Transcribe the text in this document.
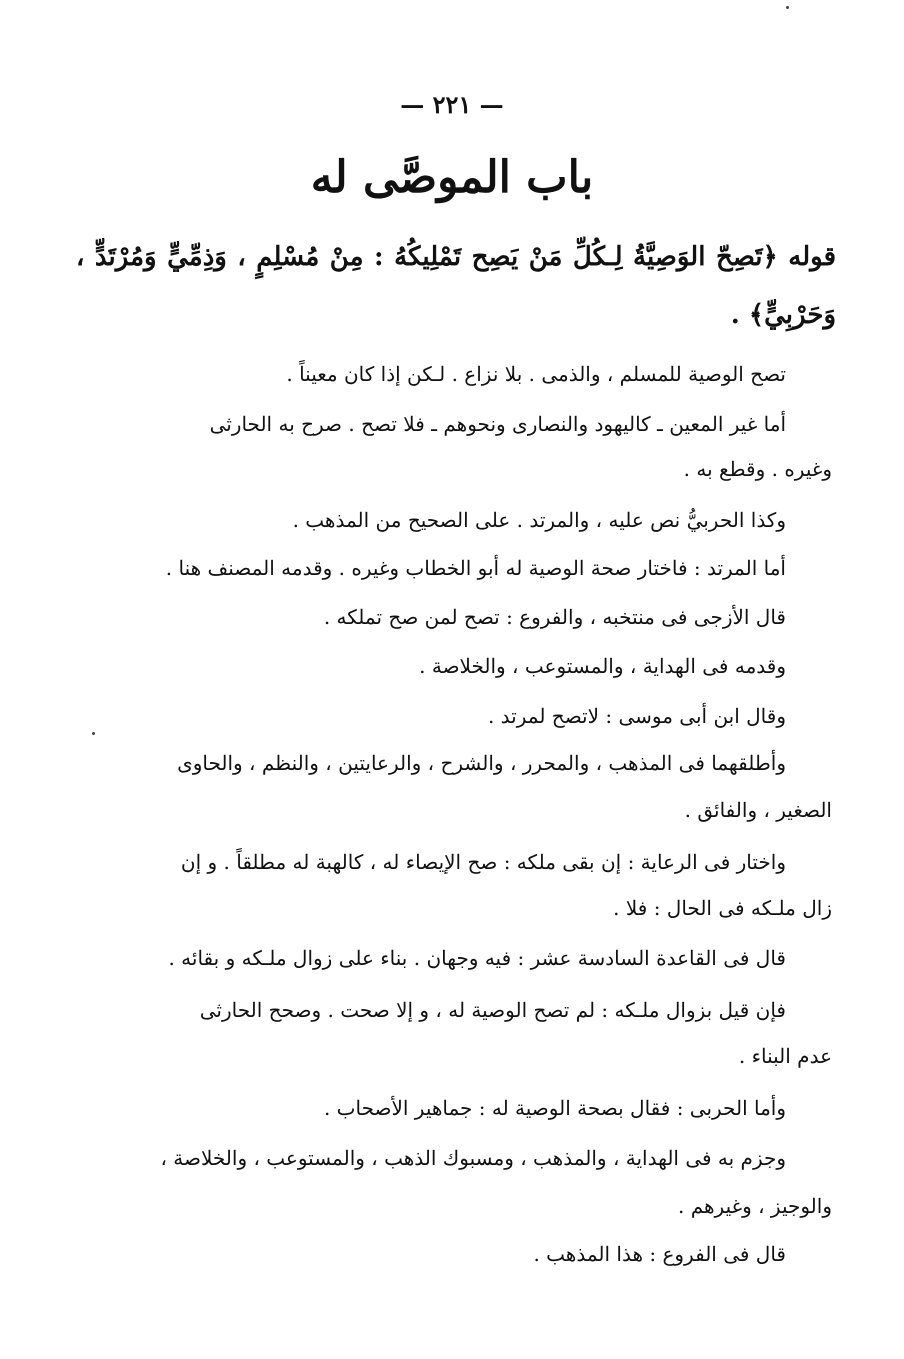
— ٢٢١ —
باب الموصَّى له
قوله ﴿تَصِحّ الوَصِيَّةُ لِـكُلِّ مَنْ يَصِح تَمْلِيكُهُ : مِنْ مُسْلِمٍ ، وَذِمِّيٍّ وَمُرْتَدٍّ ، وَحَرْبِيٍّ﴾ .
تصح الوصية للمسلم ، والذمى . بلا نزاع . لـكن إذا كان معيناً .
أما غير المعين ـ كاليهود والنصارى ونحوهم ـ فلا تصح . صرح به الحارثى
وغيره . وقطع به .
وكذا الحربيُّ نص عليه ، والمرتد . على الصحيح من المذهب .
أما المرتد : فاختار صحة الوصية له أبو الخطاب وغيره . وقدمه المصنف هنا .
قال الأزجى فى منتخبه ، والفروع : تصح لمن صح تملكه .
وقدمه فى الهداية ، والمستوعب ، والخلاصة .
وقال ابن أبى موسى : لاتصح لمرتد .
وأطلقهما فى المذهب ، والمحرر ، والشرح ، والرعايتين ، والنظم ، والحاوى
الصغير ، والفائق .
واختار فى الرعاية : إن بقى ملكه : صح الإيصاء له ، كالهبة له مطلقاً . و إن
زال ملـكه فى الحال : فلا .
قال فى القاعدة السادسة عشر : فيه وجهان . بناء على زوال ملـكه و بقائه .
فإن قيل بزوال ملـكه : لم تصح الوصية له ، و إلا صحت . وصحح الحارثى
عدم البناء .
وأما الحربى : فقال بصحة الوصية له : جماهير الأصحاب .
وجزم به فى الهداية ، والمذهب ، ومسبوك الذهب ، والمستوعب ، والخلاصة ،
والوجيز ، وغيرهم .
قال فى الفروع : هذا المذهب .
